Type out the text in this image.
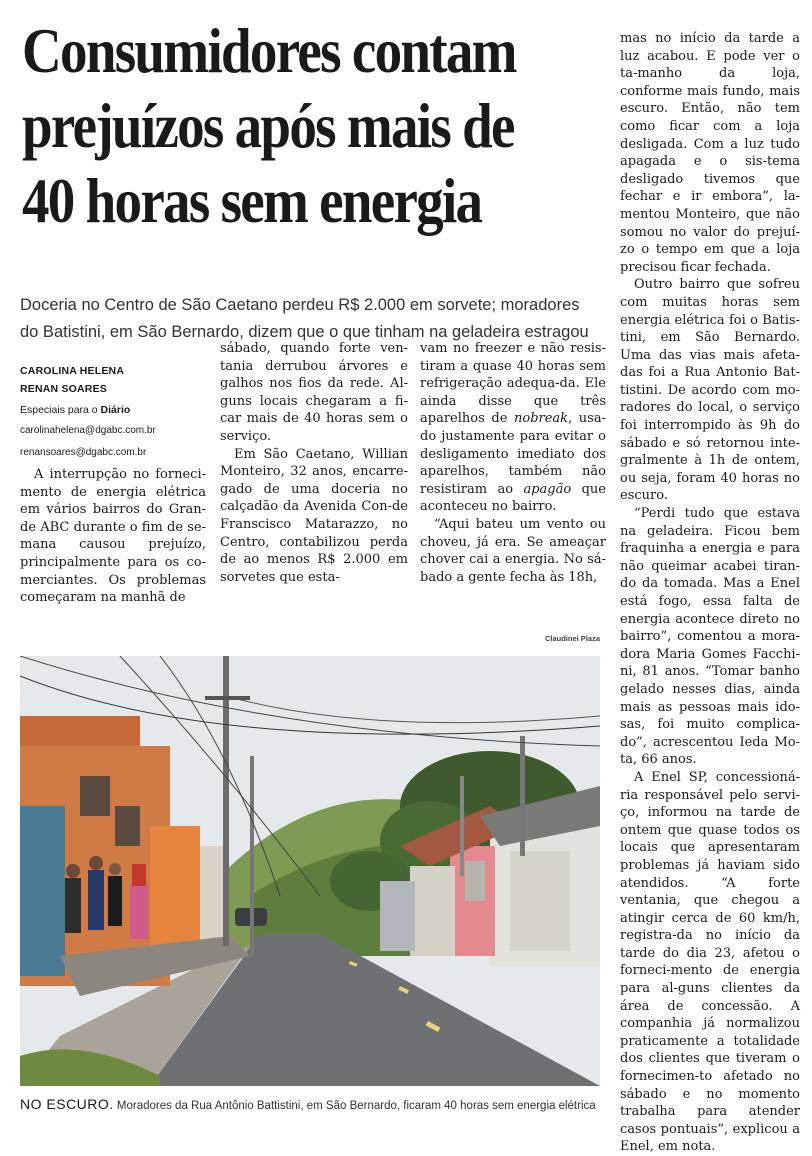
Consumidores contam
prejuízos após mais de
40 horas sem energia
Doceria no Centro de São Caetano perdeu R$ 2.000 em sorvete; moradores
do Batistini, em São Bernardo, dizem que o que tinham na geladeira estragou
CAROLINA HELENA
RENAN SOARES
Especiais para o Diário
carolinahelena@dgabc.com.br
renansoares@dgabc.com.br

A interrupção no forneci-mento de energia elétrica em vários bairros do Gran-de ABC durante o fim de se-mana causou prejuízo, principalmente para os co-merciantes. Os problemas começaram na manhã de

sábado, quando forte ven-tania derrubou árvores e galhos nos fios da rede. Al-guns locais chegaram a fi-car mais de 40 horas sem o serviço.

Em São Caetano, Willian Monteiro, 32 anos, encarre-gado de uma doceria no calçadão da Avenida Con-de Franscisco Matarazzo, no Centro, contabilizou perda de ao menos R$ 2.000 em sorvetes que esta-

vam no freezer e não resis-tiram a quase 40 horas sem refrigeração adequa-da. Ele ainda disse que três aparelhos de nobreak, usa-do justamente para evitar o desligamento imediato dos aparelhos, também não resistiram ao apagão que aconteceu no bairro.

“Aqui bateu um vento ou choveu, já era. Se ameaçar chover cai a energia. No sá-bado a gente fecha às 18h,

mas no início da tarde a luz acabou. E pode ver o ta-manho da loja, conforme mais fundo, mais escuro. Então, não tem como ficar com a loja desligada. Com a luz tudo apagada e o sis-tema desligado tivemos que fechar e ir embora”, la-mentou Monteiro, que não somou no valor do prejuí-zo o tempo em que a loja precisou ficar fechada.

Outro bairro que sofreu com muitas horas sem energia elétrica foi o Batis-tini, em São Bernardo. Uma das vias mais afeta-das foi a Rua Antonio Bat-tistini. De acordo com mo-radores do local, o serviço foi interrompido às 9h do sábado e só retornou inte-gralmente à 1h de ontem, ou seja, foram 40 horas no escuro.

“Perdi tudo que estava na geladeira. Ficou bem fraquinha a energia e para não queimar acabei tiran-do da tomada. Mas a Enel está fogo, essa falta de energia acontece direto no bairro”, comentou a mora-dora Maria Gomes Facchi-ni, 81 anos. “Tomar banho gelado nesses dias, ainda mais as pessoas mais ido-sas, foi muito complica-do”, acrescentou Ieda Mo-ta, 66 anos.

A Enel SP, concessioná-ria responsável pelo servi-ço, informou na tarde de ontem que quase todos os locais que apresentaram problemas já haviam sido atendidos. “A forte ventania, que chegou a atingir cerca de 60 km/h, registra-da no início da tarde do dia 23, afetou o forneci-mento de energia para al-guns clientes da área de concessão. A companhia já normalizou praticamente a totalidade dos clientes que tiveram o fornecimen-to afetado no sábado e no momento trabalha para atender casos pontuais”, explicou a Enel, em nota.

Claudinei Plaza
NO ESCURO. Moradores da Rua Antônio Battistini, em São Bernardo, ficaram 40 horas sem energia elétrica
